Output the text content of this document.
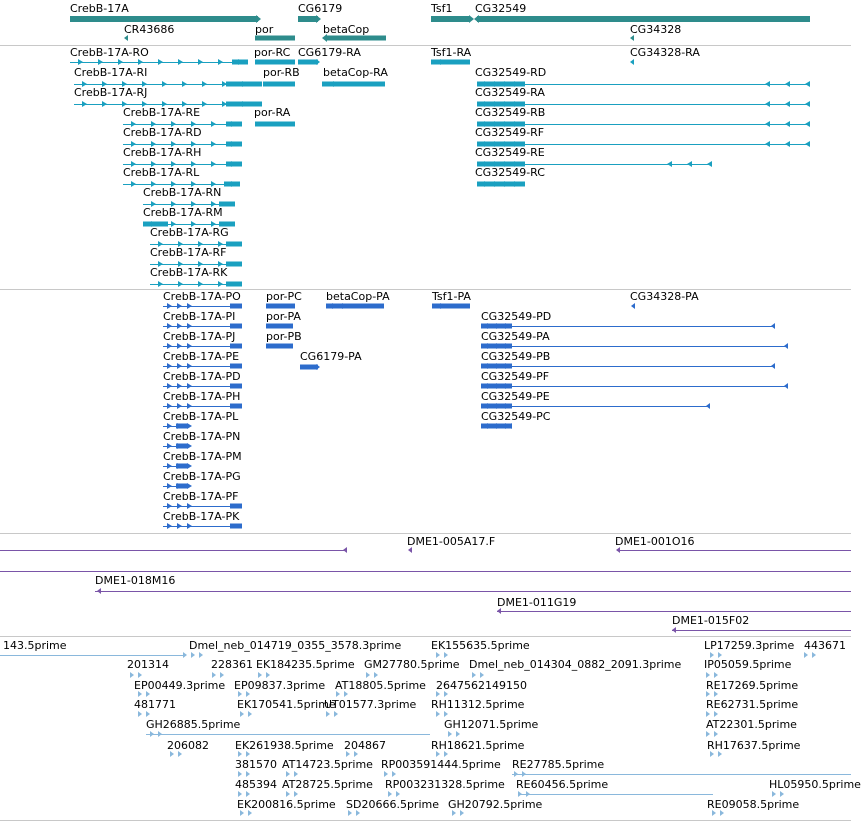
CrebB-17A
CR43686	por
CG6179
betaCop
Tsf1 CG32549
CG34328
CrebB-17A-RO	por-RC CG6179-RA	Tsf1-RA	CG34328-RA
CrebB-17A-RI	por-RB betaCop-RA	CG32549-RD
CrebB-17A-RJ	CG32549-RA
CrebB-17A-RE	por-RA	CG32549-RB
CrebB-17A-RD	CG32549-RF
CrebB-17A-RH	CG32549-RE
CrebB-17A-RL	CG32549-RC
CrebB-17A-RN
CrebB-17A-RM
CrebB-17A-RG
CrebB-17A-RF
CrebB-17A-RK
CrebB-17A-PO por-PC betaCop-PA	Tsf1-PA	CG34328-PA
CrebB-17A-PI	por-PA	CG32549-PD
CrebB-17A-PJ	por-PB	CG32549-PA
CrebB-17A-PE	CG6179-PA	CG32549-PB
CrebB-17A-PD	CG32549-PF
CrebB-17A-PH	CG32549-PE
CrebB-17A-PL	CG32549-PC
CrebB-17A-PN
CrebB-17A-PM
CrebB-17A-PG
CrebB-17A-PF
CrebB-17A-PK
DME1-005A17.F	DME1-001O16
DME1-018M16
DME1-011G19
DME1-015F02
143.5prime	Dmel_neb_014719_0355_3578.3prime	EK155635.5prime	LP17259.3prime 443671
201314	228361 EK184235.5prime GM27780.5prime Dmel_neb_014304_0882_2091.3prime IP05059.5prime
EP00449.3prime EP09837.3prime AT18805.5prime 2647562149150	RE17269.5prime
481771	EK170541.5prime
UT01577.3prime RH11312.5prime	RE62731.5prime
GH26885.5prime	GH12071.5prime	AT22301.5prime
206082 EK261938.5prime 204867	RH18621.5prime	RH17637.5prime
381570 AT14723.5prime RP003591444.5prime RE27785.5prime
485394 AT28725.5prime RP003231328.5prime RE60456.5prime	HL05950.5prime
EK200816.5prime SD20666.5prime GH20792.5prime	RE09058.5prime
